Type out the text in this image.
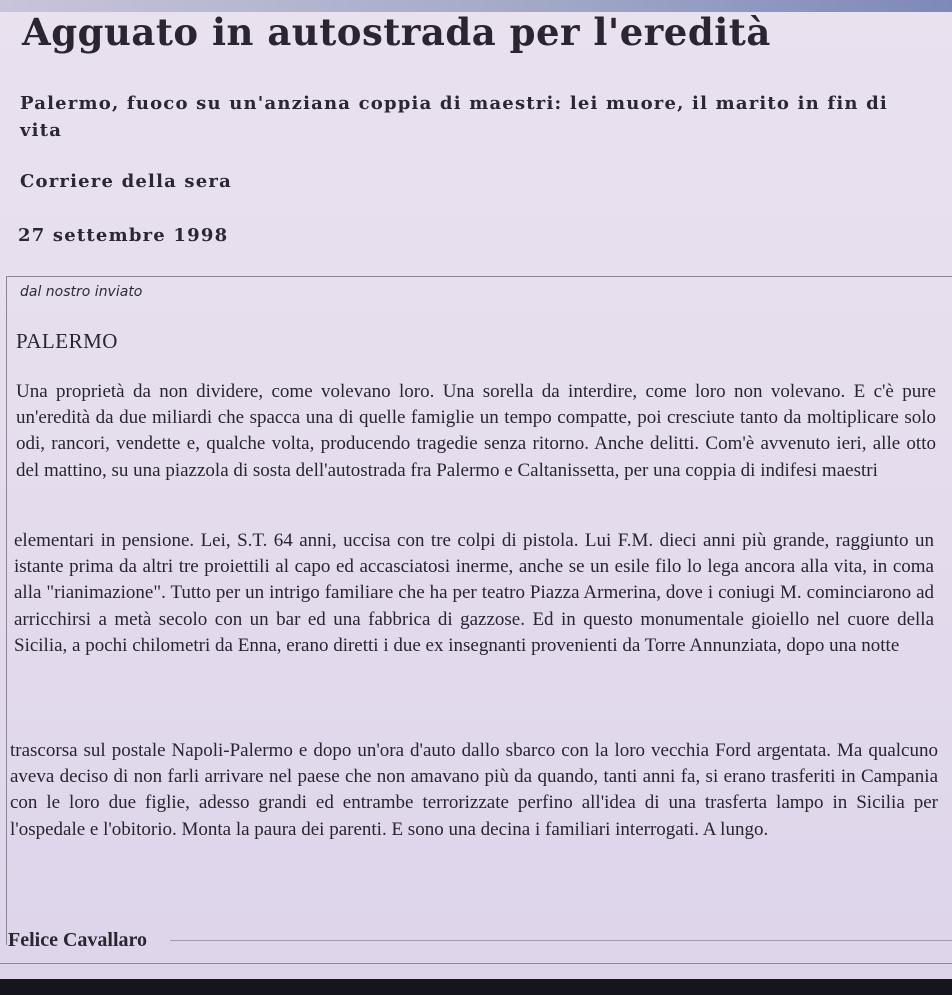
Agguato in autostrada per l'eredità
Palermo, fuoco su un'anziana coppia di maestri: lei muore, il marito in fin di vita
Corriere della sera
27 settembre 1998
dal nostro inviato
PALERMO

Una proprietà da non dividere, come volevano loro. Una sorella da interdire, come loro non volevano. E c'è pure un'eredità da due miliardi che spacca una di quelle famiglie un tempo compatte, poi cresciute tanto da moltiplicare solo odi, rancori, vendette e, qualche volta, producendo tragedie senza ritorno. Anche delitti. Com'è avvenuto ieri, alle otto del mattino, su una piazzola di sosta dell'autostrada fra Palermo e Caltanissetta, per una coppia di indifesi maestri

elementari in pensione. Lei, S.T. 64 anni, uccisa con tre colpi di pistola. Lui F.M. dieci anni più grande, raggiunto un istante prima da altri tre proiettili al capo ed accasciatosi inerme, anche se un esile filo lo lega ancora alla vita, in coma alla "rianimazione". Tutto per un intrigo familiare che ha per teatro Piazza Armerina, dove i coniugi M. cominciarono ad arricchirsi a metà secolo con un bar ed una fabbrica di gazzose. Ed in questo monumentale gioiello nel cuore della Sicilia, a pochi chilometri da Enna, erano diretti i due ex insegnanti provenienti da Torre Annunziata, dopo una notte

trascorsa sul postale Napoli-Palermo e dopo un'ora d'auto dallo sbarco con la loro vecchia Ford argentata. Ma qualcuno aveva deciso di non farli arrivare nel paese che non amavano più da quando, tanti anni fa, si erano trasferiti in Campania con le loro due figlie, adesso grandi ed entrambe terrorizzate perfino all'idea di una trasferta lampo in Sicilia per l'ospedale e l'obitorio. Monta la paura dei parenti. E sono una decina i familiari interrogati. A lungo.

Felice Cavallaro
